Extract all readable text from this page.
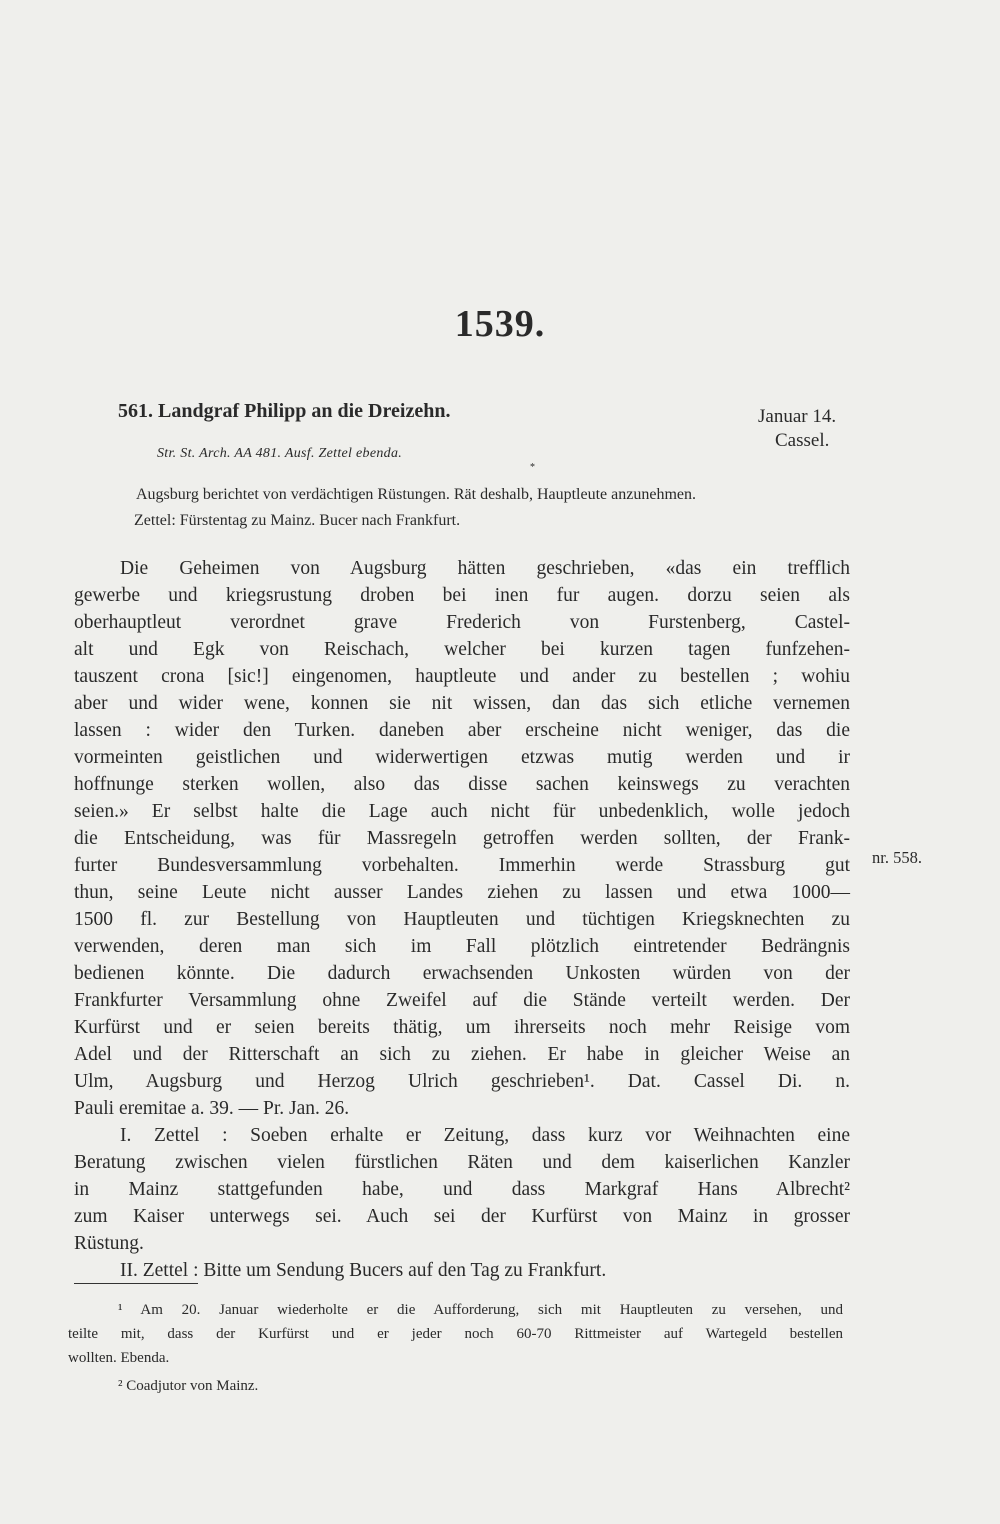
1539.
561. Landgraf Philipp an die Dreizehn.	Januar 14.
Cassel.
Str. St. Arch. AA 481. Ausf. Zettel ebenda.
*
Augsburg berichtet von verdächtigen Rüstungen. Rät deshalb, Hauptleute anzunehmen.
Zettel: Fürstentag zu Mainz. Bucer nach Frankfurt.
Die Geheimen von Augsburg hätten geschrieben, «das ein trefflich
gewerbe und kriegsrustung droben bei inen fur augen. dorzu seien als
oberhauptleut verordnet grave Frederich von Furstenberg, Castel-
alt und Egk von Reischach, welcher bei kurzen tagen funfzehen-
tauszent crona [sic!] eingenomen, hauptleute und ander zu bestellen ; wohiu
aber und wider wene, konnen sie nit wissen, dan das sich etliche vernemen
lassen : wider den Turken. daneben aber erscheine nicht weniger, das die
vormeinten geistlichen und widerwertigen etzwas mutig werden und ir
hoffnunge sterken wollen, also das disse sachen keinswegs zu verachten
seien.» Er selbst halte die Lage auch nicht für unbedenklich, wolle jedoch
die Entscheidung, was für Massregeln getroffen werden sollten, der Frank-
furter Bundesversammlung vorbehalten. Immerhin werde Strassburg gut
thun, seine Leute nicht ausser Landes ziehen zu lassen und etwa 1000—
1500 fl. zur Bestellung von Hauptleuten und tüchtigen Kriegsknechten zu
verwenden, deren man sich im Fall plötzlich eintretender Bedrängnis
bedienen könnte. Die dadurch erwachsenden Unkosten würden von der
Frankfurter Versammlung ohne Zweifel auf die Stände verteilt werden. Der
Kurfürst und er seien bereits thätig, um ihrerseits noch mehr Reisige vom
Adel und der Ritterschaft an sich zu ziehen. Er habe in gleicher Weise an
Ulm, Augsburg und Herzog Ulrich geschrieben¹. Dat. Cassel Di. n.
Pauli eremitae a. 39. — Pr. Jan. 26.
I. Zettel : Soeben erhalte er Zeitung, dass kurz vor Weihnachten eine
Beratung zwischen vielen fürstlichen Räten und dem kaiserlichen Kanzler
in Mainz stattgefunden habe, und dass Markgraf Hans Albrecht²
zum Kaiser unterwegs sei. Auch sei der Kurfürst von Mainz in grosser
Rüstung.
II. Zettel : Bitte um Sendung Bucers auf den Tag zu Frankfurt.
nr. 558.
¹ Am 20. Januar wiederholte er die Aufforderung, sich mit Hauptleuten zu versehen, und
teilte mit, dass der Kurfürst und er jeder noch 60-70 Rittmeister auf Wartegeld bestellen
wollten. Ebenda.
² Coadjutor von Mainz.
